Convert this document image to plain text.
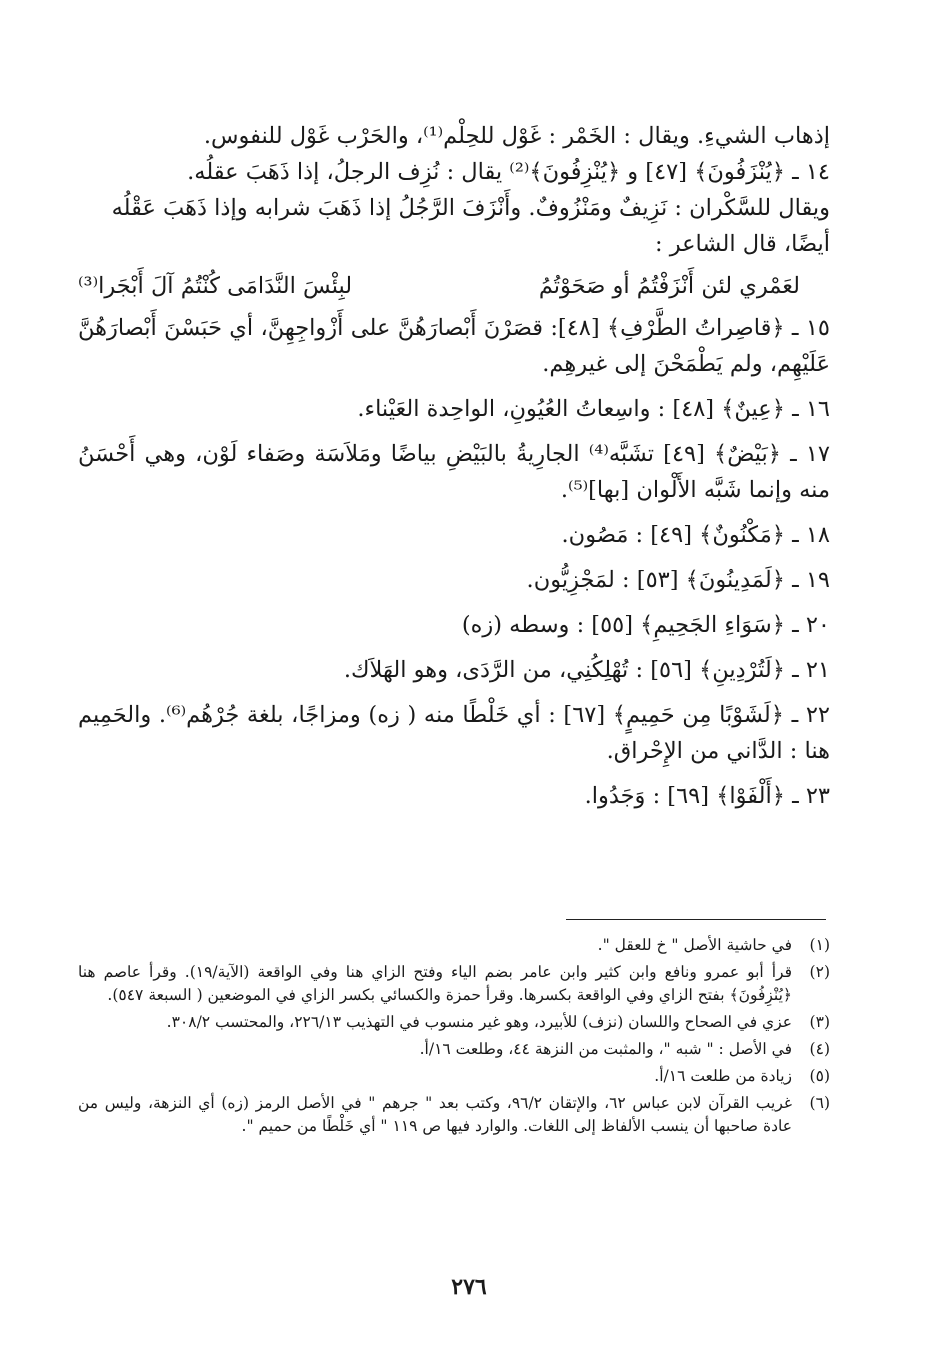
إذهاب الشيءِ. ويقال : الخَمْر : غَوْل للحِلْم⁽¹⁾، والحَرْب غَوْل للنفوس.

١٤ ـ ﴿يُنْزَفُونَ﴾ [٤٧] و ﴿يُنْزِفُونَ﴾⁽²⁾ يقال : نُزِف الرجلُ، إذا ذَهَبَ عقلُه.

ويقال للسَّكْران : نَزِيفٌ ومَنْزُوفٌ. وأَنْزَفَ الرَّجُلُ إذا ذَهَبَ شرابه وإذا ذَهَبَ عَقْلُه

أيضًا، قال الشاعر :

لعَمْري لئن أَنْزَفْتُمُ أو صَحَوْتُمُ
لبِئْسَ النَّدَامَى كُنْتُمُ آلَ أَبْجَرا⁽³⁾

١٥ ـ ﴿قاصِراتُ الطَّرْفِ﴾ [٤٨]: قصَرْنَ أَبْصارَهُنَّ على أَزْواجِهِنَّ، أي حَبَسْنَ أَبْصارَهُنَّ عَلَيْهِم، ولم يَطْمَحْنَ إلى غيرهِم.

١٦ ـ ﴿عِينٌ﴾ [٤٨] : واسِعاتُ العُيُونِ، الواحِدة العَيْناء.

١٧ ـ ﴿بَيْضٌ﴾ [٤٩] تشَبَّه⁽⁴⁾ الجارِيةُ بالبَيْضِ بياضًا ومَلاَسَة وصَفاء لَوْن، وهي أَحْسَنُ منه وإنما شَبَّه الأَلْوان [بها]⁽⁵⁾.

١٨ ـ ﴿مَكْنُونٌ﴾ [٤٩] : مَصُون.

١٩ ـ ﴿لَمَدِينُونَ﴾ [٥٣] : لمَجْزِيُّون.

٢٠ ـ ﴿سَوَاءِ الجَحِيمِ﴾ [٥٥] : وسطه (زه)

٢١ ـ ﴿لَتُرْدِينِ﴾ [٥٦] : تُهْلِكُنِي، من الرَّدَى، وهو الهَلاَك.

٢٢ ـ ﴿لَشَوْبًا مِن حَمِيمٍ﴾ [٦٧] : أي خَلْطًا منه ( زه) ومزاجًا، بلغة جُرْهُم⁽⁶⁾. والحَمِيم هنا : الدَّاني من الإِحْراق.

٢٣ ـ ﴿أَلْفَوْا﴾ [٦٩] : وَجَدُوا.

(١)
في حاشية الأصل " خ للعقل ".
(٢)
قرأ أبو عمرو ونافع وابن كثير وابن عامر بضم الياء وفتح الزاي هنا وفي الواقعة (الآية/١٩). وقرأ عاصم هنا ﴿يُنْزِفُونَ﴾ بفتح الزاي وفي الواقعة بكسرها. وقرأ حمزة والكسائي بكسر الزاي في الموضعين ( السبعة ٥٤٧).
(٣)
عزي في الصحاح واللسان (نزف) للأبيرد، وهو غير منسوب في التهذيب ٢٢٦/١٣، والمحتسب ٣٠٨/٢.
(٤)
في الأصل : " شبه "، والمثبت من النزهة ٤٤، وطلعت ١٦/أ.
(٥)
زيادة من طلعت ١٦/أ.
(٦)
غريب القرآن لابن عباس ٦٢، والإتقان ٩٦/٢، وكتب بعد " جرهم " في الأصل الرمز (زه) أي النزهة، وليس من عادة صاحبها أن ينسب الألفاظ إلى اللغات. والوارد فيها ص ١١٩ " أي خَلْطًا من حميم ".
٢٧٦
